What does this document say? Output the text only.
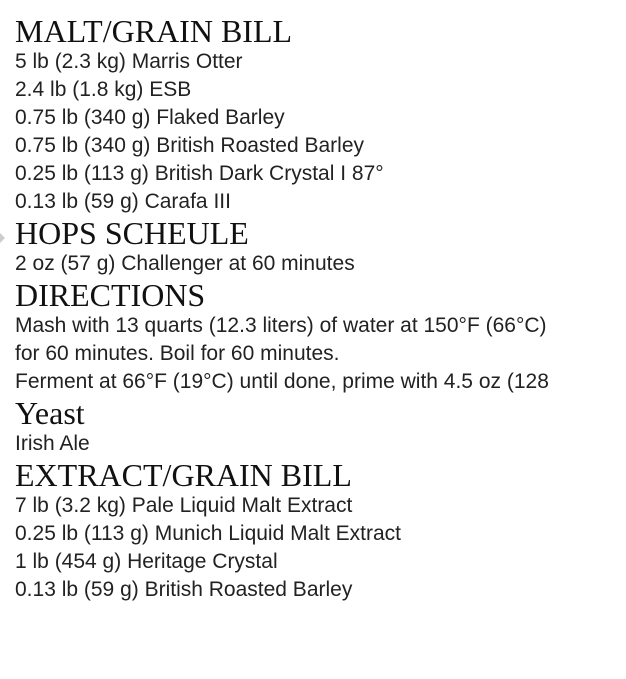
MALT/GRAIN BILL
5 lb (2.3 kg) Marris Otter
2.4 lb (1.8 kg) ESB
0.75 lb (340 g) Flaked Barley
0.75 lb (340 g) British Roasted Barley
0.25 lb (113 g) British Dark Crystal I 87°
0.13 lb (59 g) Carafa III
HOPS SCHEULE
2 oz (57 g) Challenger at 60 minutes
DIRECTIONS
Mash with 13 quarts (12.3 liters) of water at 150°F (66°C)
for 60 minutes. Boil for 60 minutes.
Ferment at 66°F (19°C) until done, prime with 4.5 oz (128
Yeast
Irish Ale
EXTRACT/GRAIN BILL
7 lb (3.2 kg) Pale Liquid Malt Extract
0.25 lb (113 g) Munich Liquid Malt Extract
1 lb (454 g) Heritage Crystal
0.13 lb (59 g) British Roasted Barley
